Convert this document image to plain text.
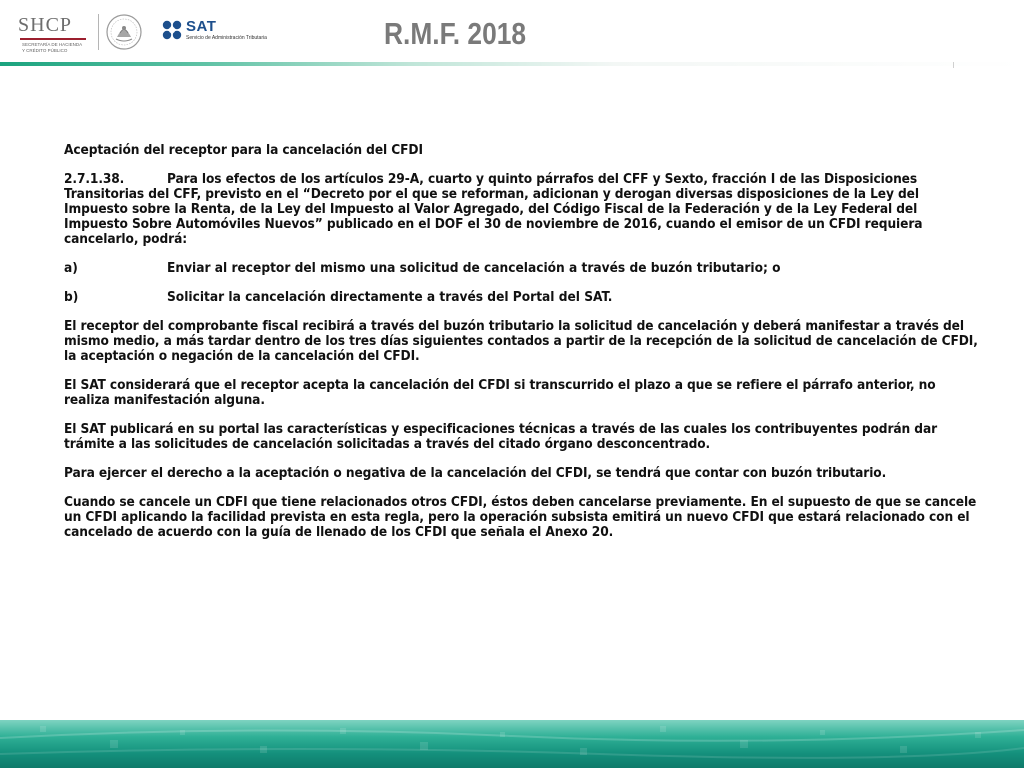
SHCP
SECRETARÍA DE HACIENDA
Y CRÉDITO PÚBLICO
SAT
Servicio de Administración Tributaria	R.M.F. 2018

Aceptación del receptor para la cancelación del CFDI

2.7.1.38.	Para los efectos de los artículos 29-A, cuarto y quinto párrafos del CFF y Sexto, fracción I de las Disposiciones Transitorias del CFF, previsto en el “Decreto por el que se reforman, adicionan y derogan diversas disposiciones de la Ley del Impuesto sobre la Renta, de la Ley del Impuesto al Valor Agregado, del Código Fiscal de la Federación y de la Ley Federal del Impuesto Sobre Automóviles Nuevos” publicado en el DOF el 30 de noviembre de 2016, cuando el emisor de un CFDI requiera cancelarlo, podrá:

a)	Enviar al receptor del mismo una solicitud de cancelación a través de buzón tributario; o
b)	Solicitar la cancelación directamente a través del Portal del SAT.

El receptor del comprobante fiscal recibirá a través del buzón tributario la solicitud de cancelación y deberá manifestar a través del mismo medio, a más tardar dentro de los tres días siguientes contados a partir de la recepción de la solicitud de cancelación de CFDI, la aceptación o negación de la cancelación del CFDI.

El SAT considerará que el receptor acepta la cancelación del CFDI si transcurrido el plazo a que se refiere el párrafo anterior, no realiza manifestación alguna.

El SAT publicará en su portal las características y especificaciones técnicas a través de las cuales los contribuyentes podrán dar trámite a las solicitudes de cancelación solicitadas a través del citado órgano desconcentrado.

Para ejercer el derecho a la aceptación o negativa de la cancelación del CFDI, se tendrá que contar con buzón tributario.

Cuando se cancele un CDFI que tiene relacionados otros CFDI, éstos deben cancelarse previamente. En el supuesto de que se cancele un CFDI aplicando la facilidad prevista en esta regla, pero la operación subsista emitirá un nuevo CFDI que estará relacionado con el cancelado de acuerdo con la guía de llenado de los CFDI que señala el Anexo 20.
